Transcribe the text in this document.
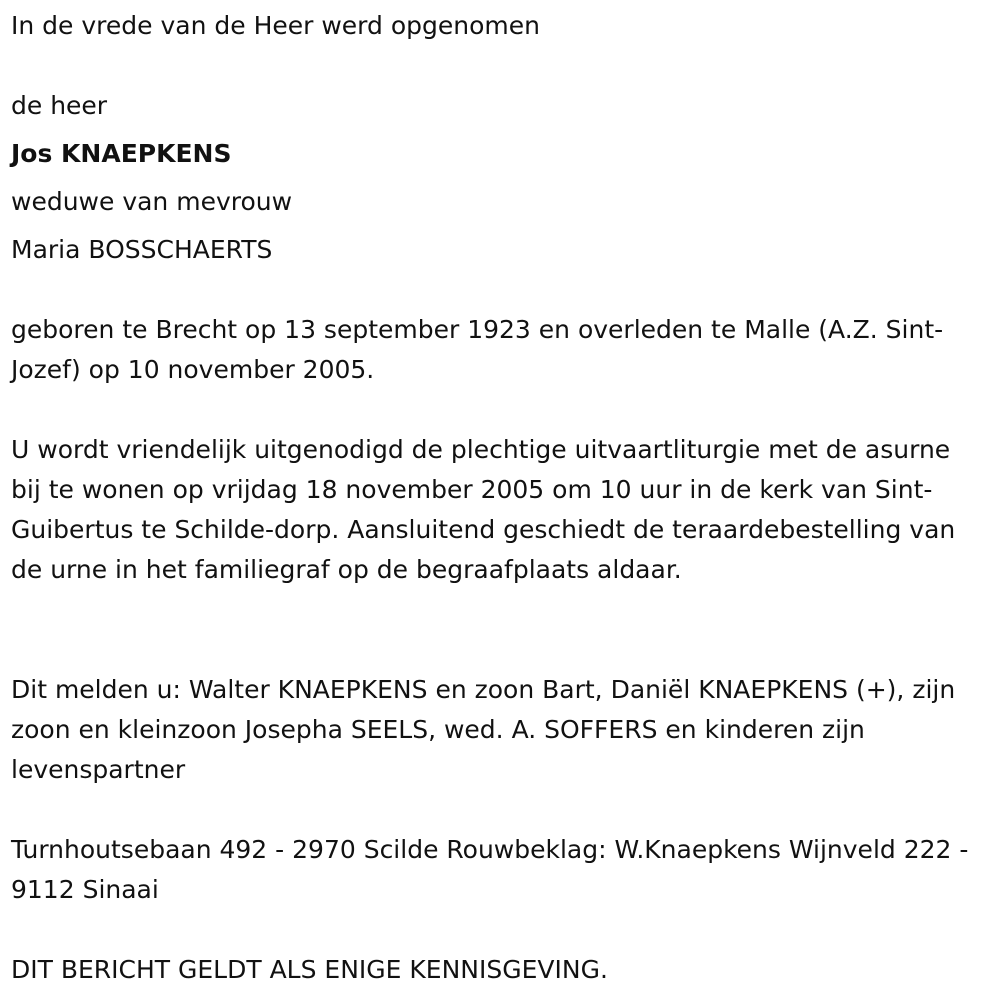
In de vrede van de Heer werd opgenomen

de heer

Jos KNAEPKENS

weduwe van mevrouw

Maria BOSSCHAERTS

geboren te Brecht op 13 september 1923 en overleden te Malle (A.Z. Sint-Jozef) op 10 november 2005.

U wordt vriendelijk uitgenodigd de plechtige uitvaartliturgie met de asurne bij te wonen op vrijdag 18 november 2005 om 10 uur in de kerk van Sint-Guibertus te Schilde-dorp. Aansluitend geschiedt de teraardebestelling van de urne in het familiegraf op de begraafplaats aldaar.

Dit melden u: Walter KNAEPKENS en zoon Bart, Daniël KNAEPKENS (+), zijn zoon en kleinzoon Josepha SEELS, wed. A. SOFFERS en kinderen zijn levenspartner

Turnhoutsebaan 492 - 2970 Scilde Rouwbeklag: W.Knaepkens Wijnveld 222 - 9112 Sinaai

DIT BERICHT GELDT ALS ENIGE KENNISGEVING.
